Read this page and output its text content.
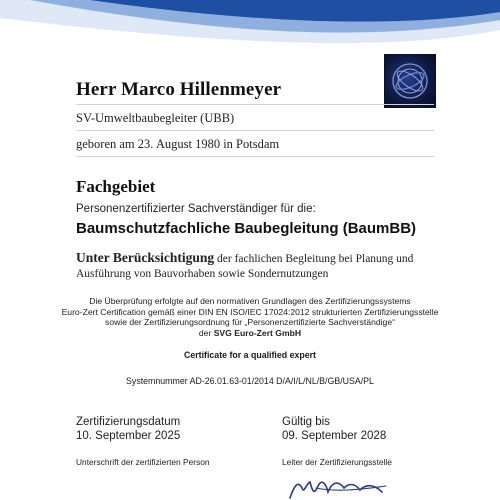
Herr Marco Hillenmeyer
SV-Umweltbaubegleiter (UBB)
geboren am 23. August 1980 in Potsdam
Fachgebiet
Personenzertifizierter Sachverständiger für die:
Baumschutzfachliche Baubegleitung (BaumBB)
Unter Berücksichtigung der fachlichen Begleitung bei Planung und Ausführung von Bauvorhaben sowie Sondernutzungen
Die Überprüfung erfolgte auf den normativen Grundlagen des Zertifizierungssystems
Euro-Zert Certification gemäß einer DIN EN ISO/IEC 17024:2012 strukturierten Zertifizierungsstelle
sowie der Zertifizierungsordnung für „Personenzertifizierte Sachverständige“
der SVG Euro-Zert GmbH
Certificate for a qualified expert
Systemnummer AD-26.01.63-01/2014 D/A/I/L/NL/B/GB/USA/PL
Zertifizierungsdatum
10. September 2025
Gültig bis
09. September 2028
Unterschrift der zertifizierten Person	Leiter der Zertifizierungsstelle
